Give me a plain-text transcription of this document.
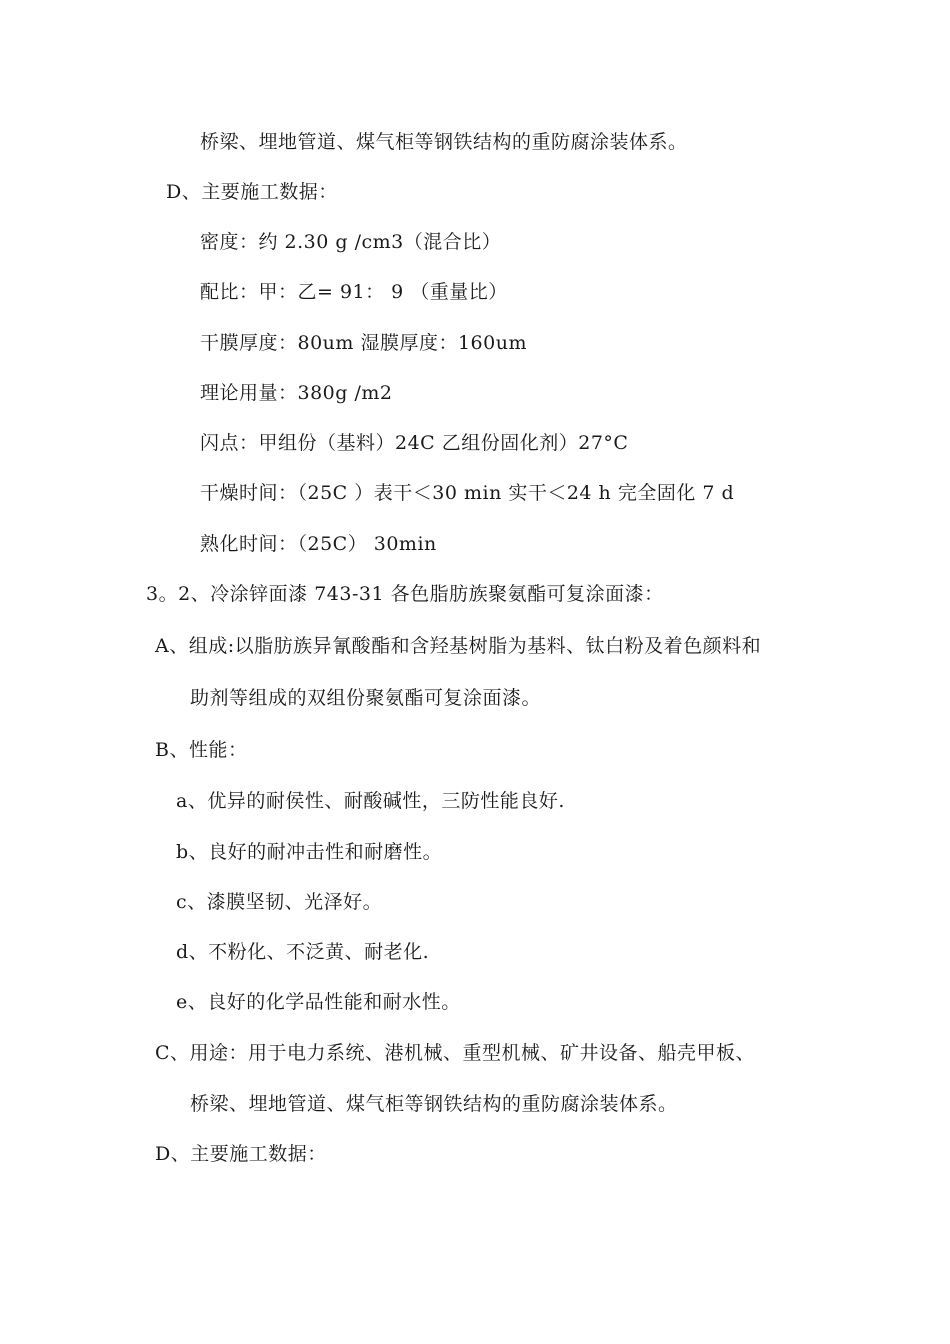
桥梁、埋地管道、煤气柜等钢铁结构的重防腐涂装体系。
D、主要施工数据：
密度：约 2.30 g /cm3（混合比）
配比：甲：乙= 91： 9 （重量比）
干膜厚度：80um 湿膜厚度：160um
理论用量：380g /m2
闪点：甲组份（基料）24C 乙组份固化剂）27°C
干燥时间：（25C ）表干＜30 min 实干＜24 h 完全固化 7 d
熟化时间：（25C） 30min
3。2、冷涂锌面漆 743-31 各色脂肪族聚氨酯可复涂面漆：
A、组成:以脂肪族异氰酸酯和含羟基树脂为基料、钛白粉及着色颜料和
助剂等组成的双组份聚氨酯可复涂面漆。
B、性能：
a、优异的耐侯性、耐酸碱性，三防性能良好.
b、良好的耐冲击性和耐磨性。
c、漆膜坚韧、光泽好。
d、不粉化、不泛黄、耐老化.
e、良好的化学品性能和耐水性。
C、用途：用于电力系统、港机械、重型机械、矿井设备、船壳甲板、
桥梁、埋地管道、煤气柜等钢铁结构的重防腐涂装体系。
D、主要施工数据：
